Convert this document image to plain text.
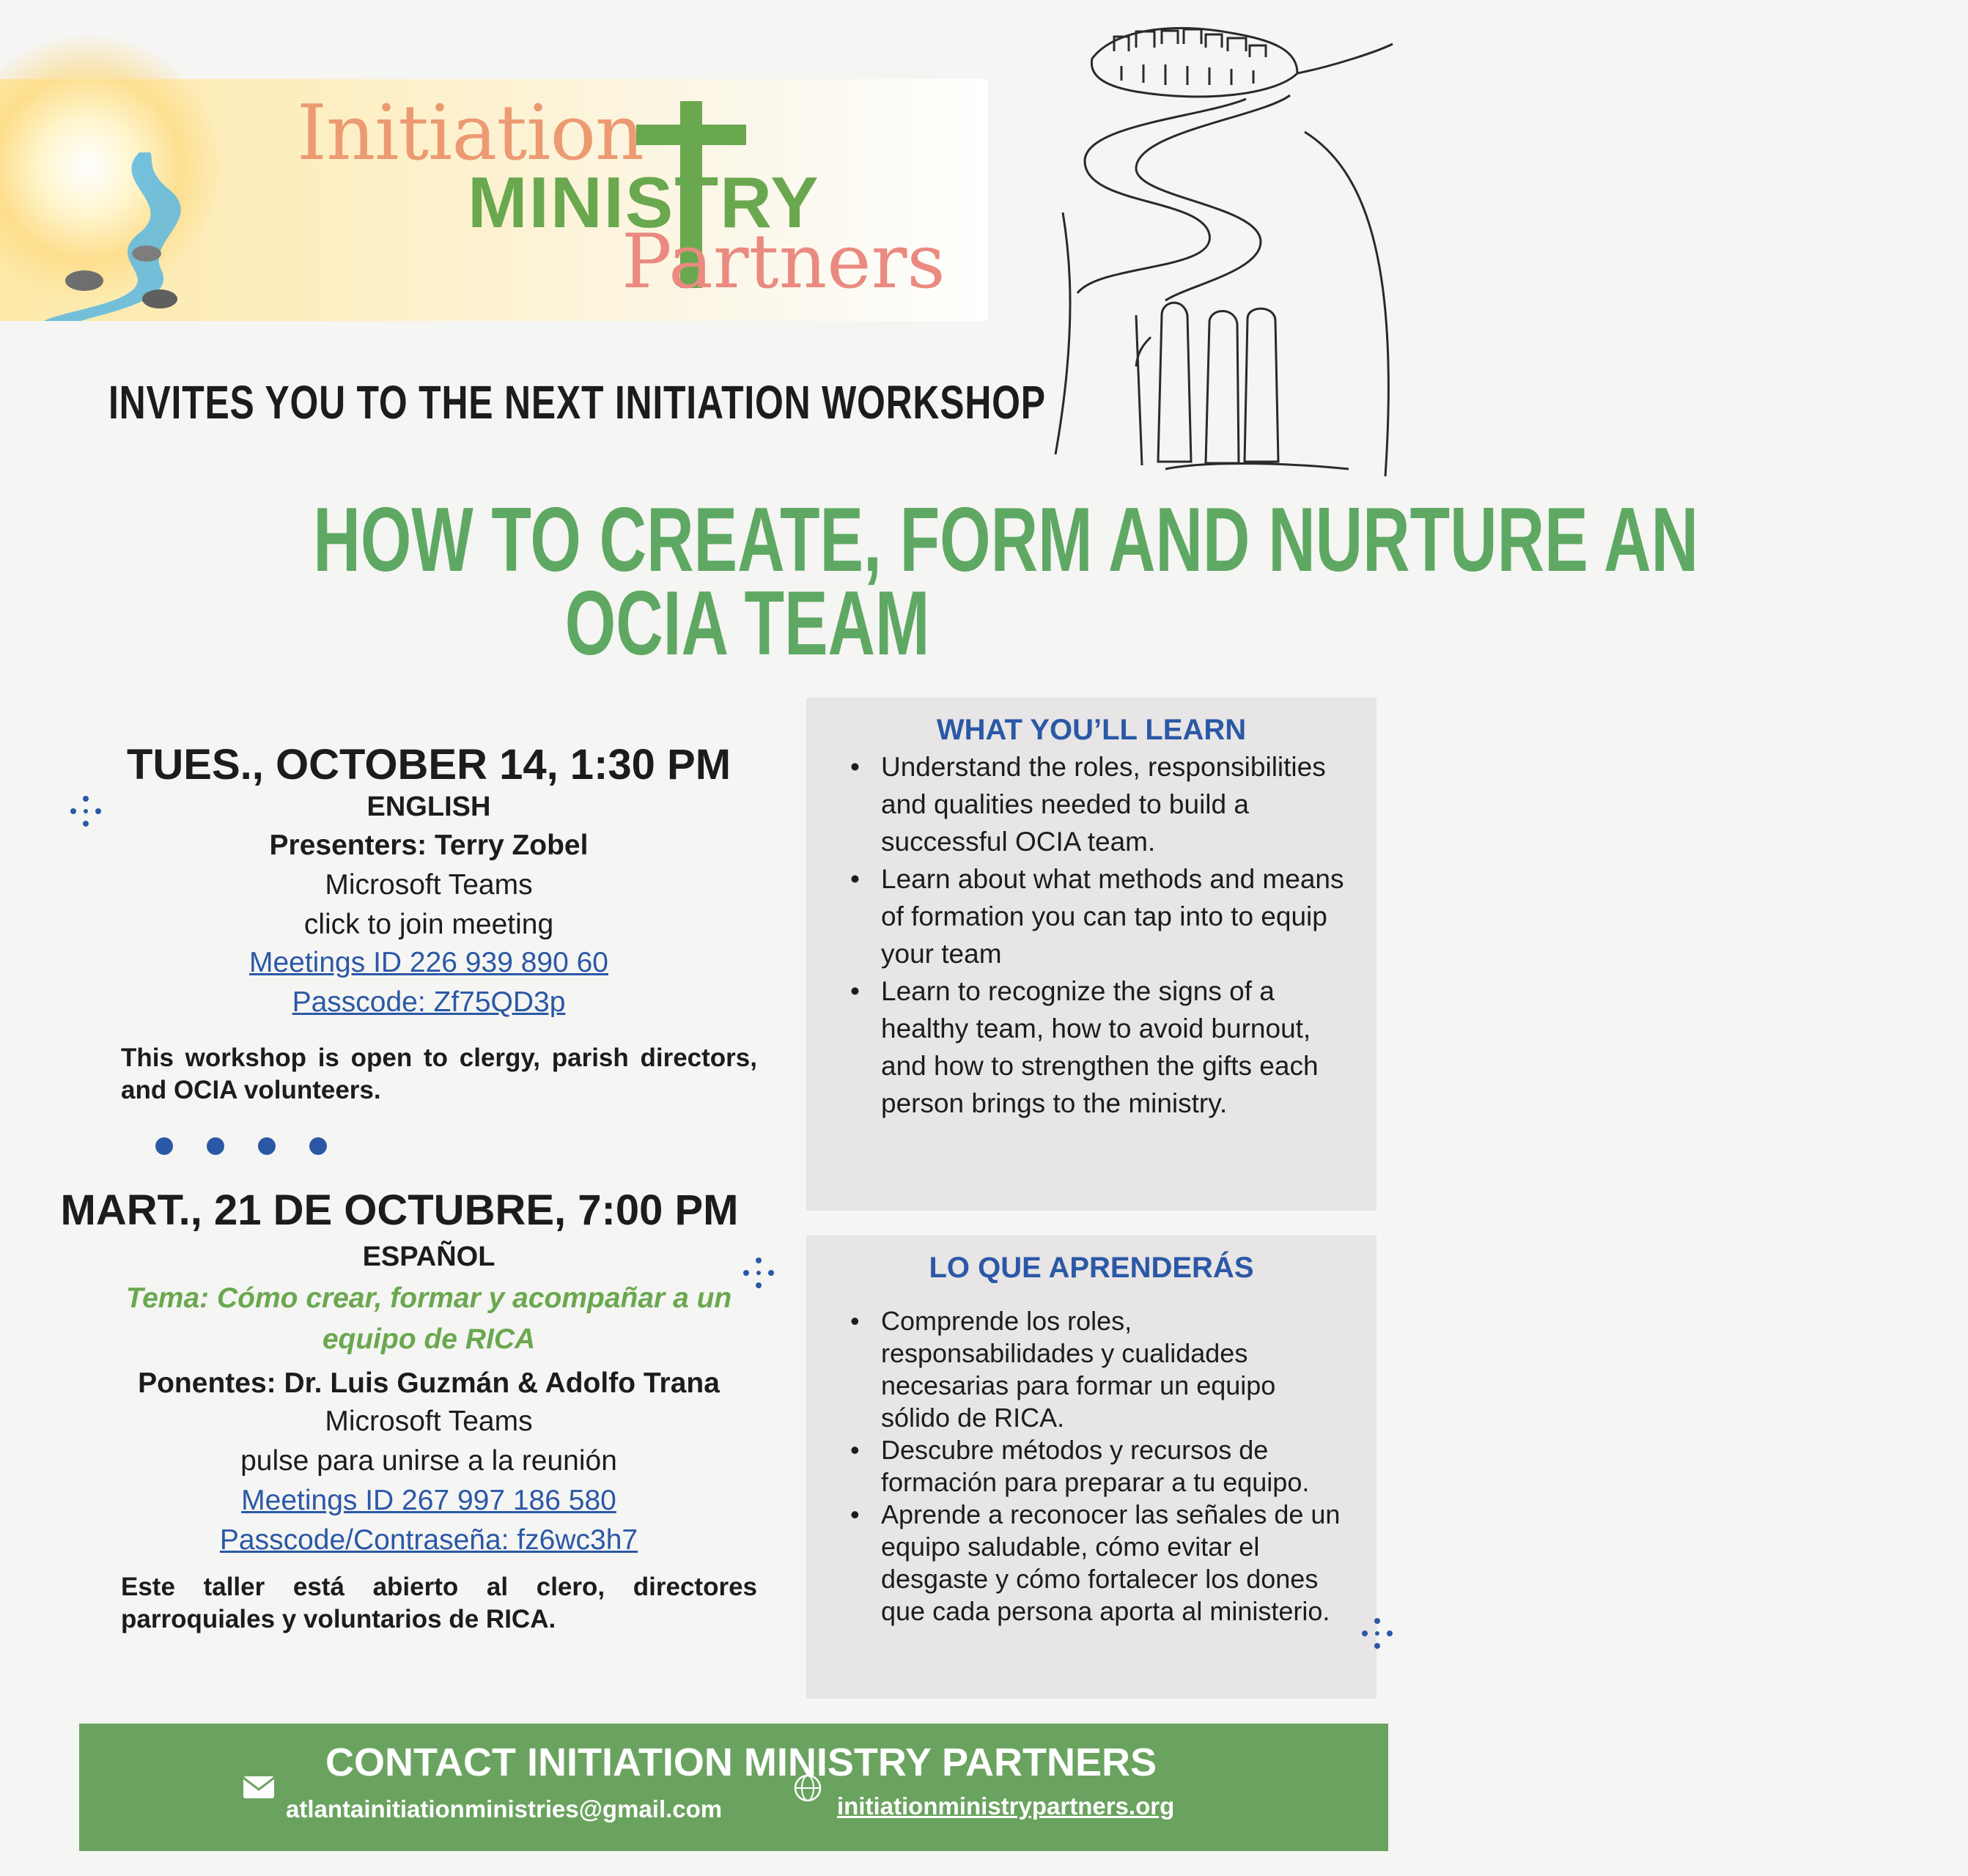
Initiation
MINISTRY
Partners
INVITES YOU TO THE NEXT INITIATION WORKSHOP
HOW TO CREATE, FORM AND NURTURE AN
OCIA TEAM
TUES., OCTOBER 14, 1:30 PM
ENGLISH
Presenters: Terry Zobel
Microsoft Teams
click to join meeting
Meetings ID 226 939 890 60
Passcode: Zf75QD3p
This workshop is open to clergy, parish directors, and OCIA volunteers.
MART., 21 DE OCTUBRE, 7:00 PM
ESPAÑOL
Tema: Cómo crear, formar y acompañar a un
equipo de RICA
Ponentes: Dr. Luis Guzmán & Adolfo Trana
Microsoft Teams
pulse para unirse a la reunión
Meetings ID 267 997 186 580
Passcode/Contraseña: fz6wc3h7
Este taller está abierto al clero, directores parroquiales y voluntarios de RICA.
WHAT YOU’LL LEARN
• Understand the roles, responsibilities and qualities needed to build a successful OCIA team.
• Learn about what methods and means of formation you can tap into to equip your team
• Learn to recognize the signs of a healthy team, how to avoid burnout, and how to strengthen the gifts each person brings to the ministry.
LO QUE APRENDERÁS
• Comprende los roles, responsabilidades y cualidades necesarias para formar un equipo sólido de RICA.
• Descubre métodos y recursos de formación para preparar a tu equipo.
• Aprende a reconocer las señales de un equipo saludable, cómo evitar el desgaste y cómo fortalecer los dones que cada persona aporta al ministerio.
CONTACT INITIATION MINISTRY PARTNERS
atlantainitiationministries@gmail.com	initiationministrypartners.org
